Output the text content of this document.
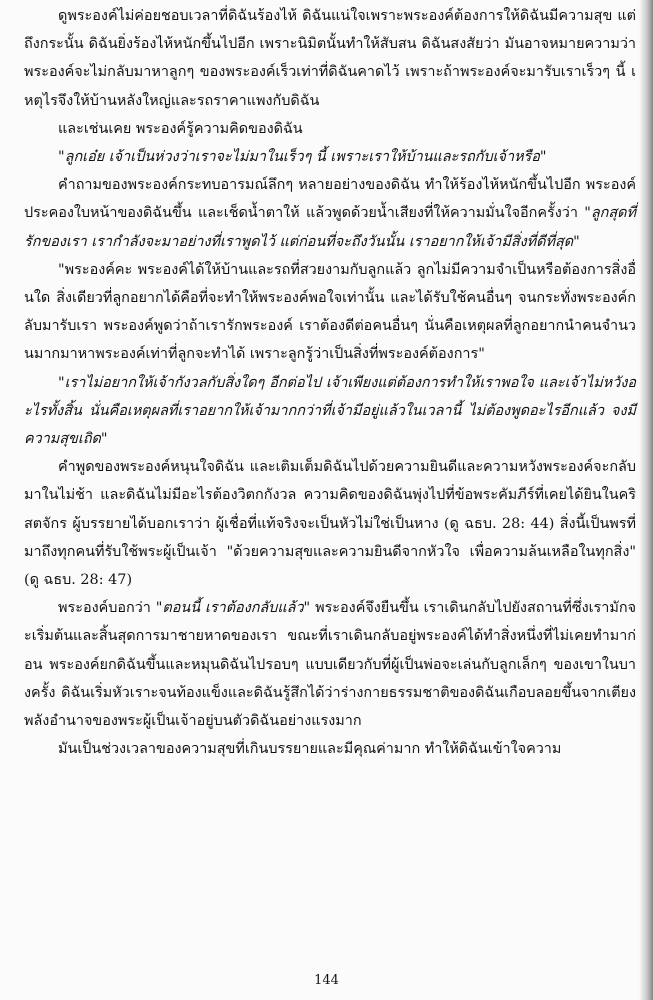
ดูพระองค์ไม่ค่อยชอบเวลาที่ดิฉันร้องไห้ ดิฉันแน่ใจเพราะพระองค์ต้องการให้ดิฉันมีความสุข แต่ถึงกระนั้น ดิฉันยิ่งร้องไห้หนักขึ้นไปอีก เพราะนิมิตนั้นทำให้สับสน ดิฉันสงสัยว่า มันอาจหมายความว่าพระองค์จะไม่กลับมาหาลูกๆ ของพระองค์เร็วเท่าที่ดิฉันคาดไว้ เพราะถ้าพระองค์จะมารับเราเร็วๆ นี้ เหตุไรจึงให้บ้านหลังใหญ่และรถราคาแพงกับดิฉัน

และเช่นเคย พระองค์รู้ความคิดของดิฉัน

"ลูกเอ๋ย เจ้าเป็นห่วงว่าเราจะไม่มาในเร็วๆ นี้ เพราะเราให้บ้านและรถกับเจ้าหรือ"

คำถามของพระองค์กระทบอารมณ์ลึกๆ หลายอย่างของดิฉัน ทำให้ร้องไห้หนักขึ้นไปอีก พระองค์ประคองใบหน้าของดิฉันขึ้น และเช็ดน้ำตาให้ แล้วพูดด้วยน้ำเสียงที่ให้ความมั่นใจอีกครั้งว่า "ลูกสุดที่รักของเรา เรากำลังจะมาอย่างที่เราพูดไว้ แต่ก่อนที่จะถึงวันนั้น เราอยากให้เจ้ามีสิ่งที่ดีที่สุด"

"พระองค์คะ พระองค์ได้ให้บ้านและรถที่สวยงามกับลูกแล้ว ลูกไม่มีความจำเป็นหรือต้องการสิ่งอื่นใด สิ่งเดียวที่ลูกอยากได้คือที่จะทำให้พระองค์พอใจเท่านั้น และได้รับใช้คนอื่นๆ จนกระทั่งพระองค์กลับมารับเรา พระองค์พูดว่าถ้าเรารักพระองค์ เราต้องดีต่อคนอื่นๆ นั่นคือเหตุผลที่ลูกอยากนำคนจำนวนมากมาหาพระองค์เท่าที่ลูกจะทำได้ เพราะลูกรู้ว่าเป็นสิ่งที่พระองค์ต้องการ"

"เราไม่อยากให้เจ้ากังวลกับสิ่งใดๆ อีกต่อไป เจ้าเพียงแต่ต้องการทำให้เราพอใจ และเจ้าไม่หวังอะไรทั้งสิ้น นั่นคือเหตุผลที่เราอยากให้เจ้ามากกว่าที่เจ้ามีอยู่แล้วในเวลานี้ ไม่ต้องพูดอะไรอีกแล้ว จงมีความสุขเถิด"

คำพูดของพระองค์หนุนใจดิฉัน และเติมเต็มดิฉันไปด้วยความยินดีและความหวังพระองค์จะกลับมาในไม่ช้า และดิฉันไม่มีอะไรต้องวิตกกังวล ความคิดของดิฉันพุ่งไปที่ข้อพระคัมภีร์ที่เคยได้ยินในคริสตจักร ผู้บรรยายได้บอกเราว่า ผู้เชื่อที่แท้จริงจะเป็นหัวไม่ใช่เป็นหาง (ดู ฉธบ. 28: 44) สิ่งนี้เป็นพรที่มาถึงทุกคนที่รับใช้พระผู้เป็นเจ้า "ด้วยความสุขและความยินดีจากหัวใจ เพื่อความล้นเหลือในทุกสิ่ง" (ดู ฉธบ. 28: 47)

พระองค์บอกว่า "ตอนนี้ เราต้องกลับแล้ว" พระองค์จึงยืนขึ้น เราเดินกลับไปยังสถานที่ซึ่งเรามักจะเริ่มต้นและสิ้นสุดการมาชายหาดของเรา ขณะที่เราเดินกลับอยู่พระองค์ได้ทำสิ่งหนึ่งที่ไม่เคยทำมาก่อน พระองค์ยกดิฉันขึ้นและหมุนดิฉันไปรอบๆ แบบเดียวกับที่ผู้เป็นพ่อจะเล่นกับลูกเล็กๆ ของเขาในบางครั้ง ดิฉันเริ่มหัวเราะจนท้องแข็งและดิฉันรู้สึกได้ว่าร่างกายธรรมชาติของดิฉันเกือบลอยขึ้นจากเตียง พลังอำนาจของพระผู้เป็นเจ้าอยู่บนตัวดิฉันอย่างแรงมาก

มันเป็นช่วงเวลาของความสุขที่เกินบรรยายและมีคุณค่ามาก ทำให้ดิฉันเข้าใจความ

144
